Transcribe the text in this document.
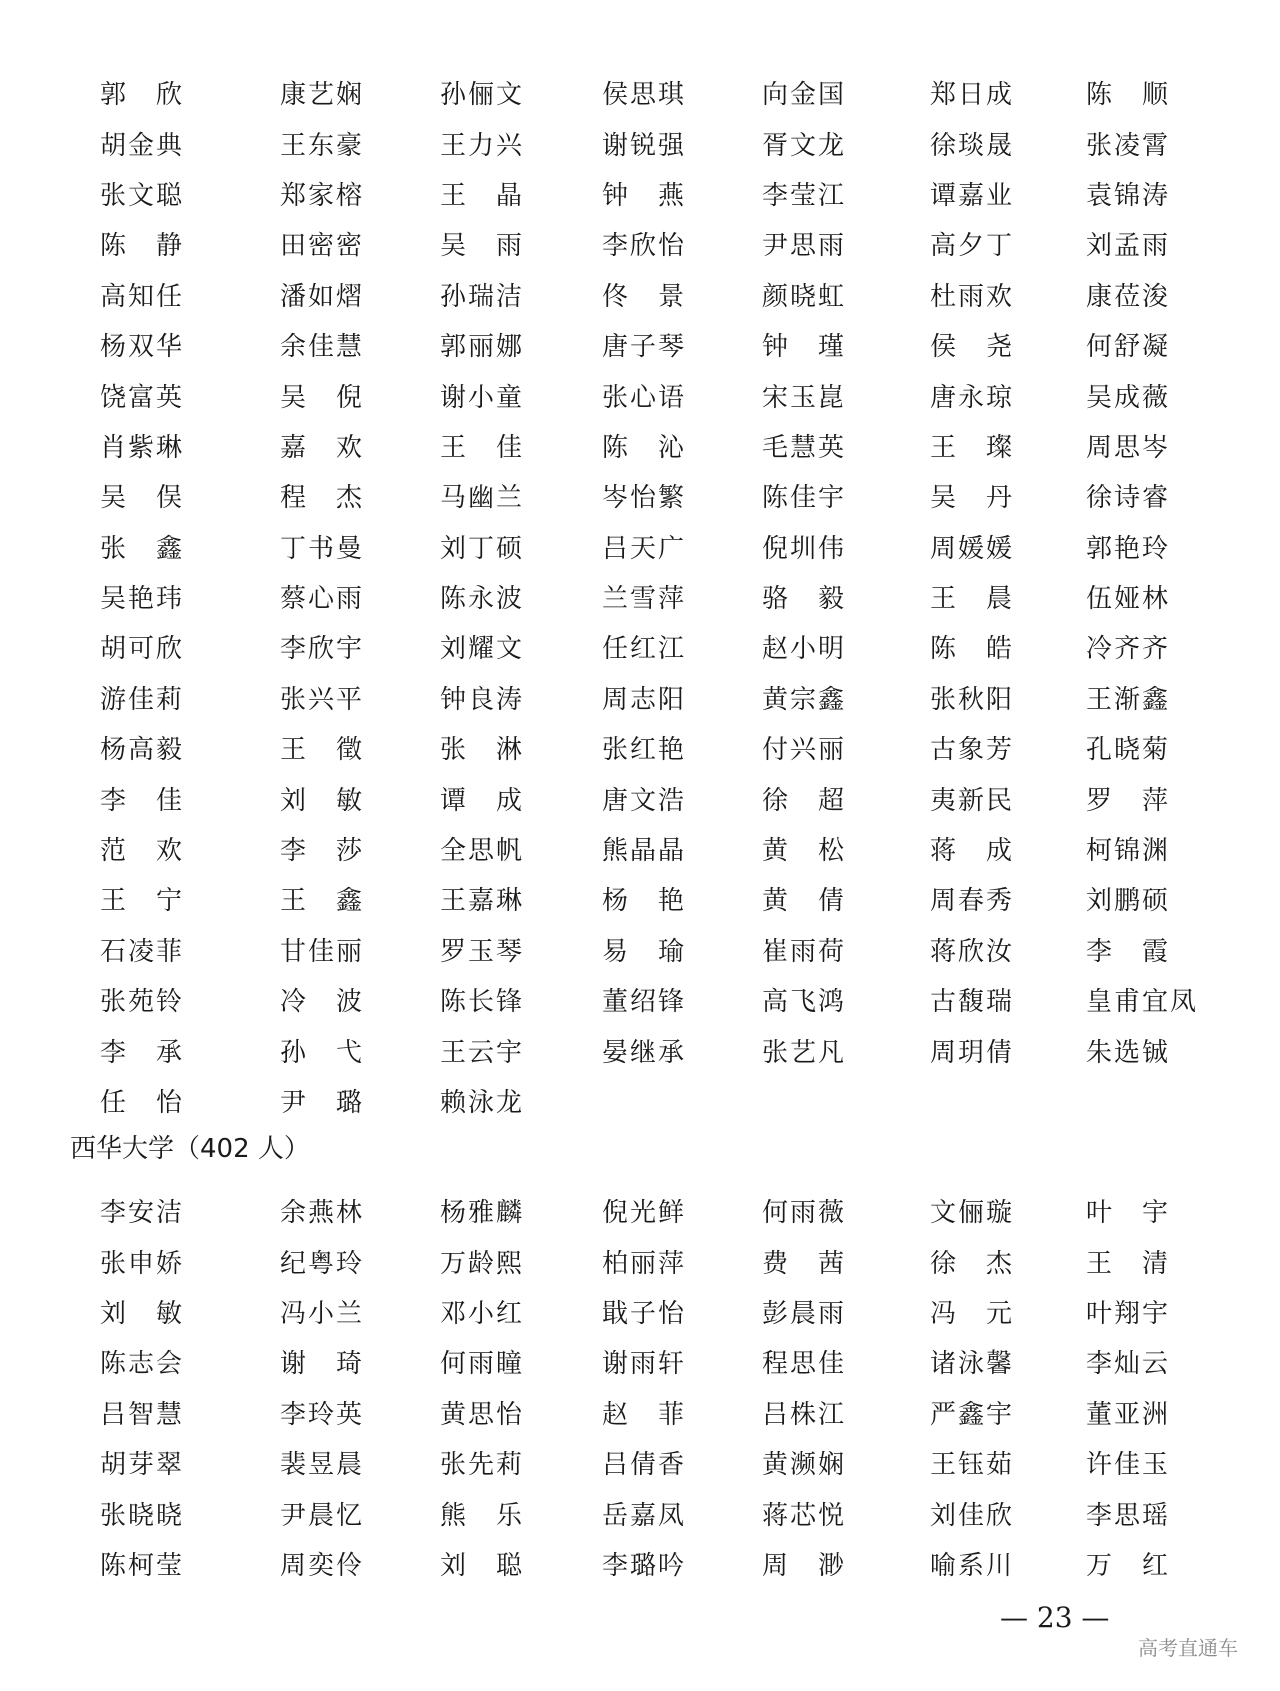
郭　欣	康艺娴	孙俪文	侯思琪	向金国	郑日成	陈　顺
胡金典	王东豪	王力兴	谢锐强	胥文龙	徐琰晟	张凌霄
张文聪	郑家榕	王　晶	钟　燕	李莹江	谭嘉业	袁锦涛
陈　静	田密密	吴　雨	李欣怡	尹思雨	高夕丁	刘孟雨
高知任	潘如熠	孙瑞洁	佟　景	颜晓虹	杜雨欢	康莅浚
杨双华	余佳慧	郭丽娜	唐子琴	钟　瑾	侯　尧	何舒凝
饶富英	吴　倪	谢小童	张心语	宋玉崑	唐永琼	吴成薇
肖紫琳	嘉　欢	王　佳	陈　沁	毛慧英	王　璨	周思岑
吴　俣	程　杰	马幽兰	岑怡繁	陈佳宇	吴　丹	徐诗睿
张　鑫	丁书曼	刘丁硕	吕天广	倪圳伟	周媛媛	郭艳玲
吴艳玮	蔡心雨	陈永波	兰雪萍	骆　毅	王　晨	伍娅林
胡可欣	李欣宇	刘耀文	任红江	赵小明	陈　皓	冷齐齐
游佳莉	张兴平	钟良涛	周志阳	黄宗鑫	张秋阳	王渐鑫
杨高毅	王　徵	张　淋	张红艳	付兴丽	古象芳	孔晓菊
李　佳	刘　敏	谭　成	唐文浩	徐　超	夷新民	罗　萍
范　欢	李　莎	全思帆	熊晶晶	黄　松	蒋　成	柯锦渊
王　宁	王　鑫	王嘉琳	杨　艳	黄　倩	周春秀	刘鹏硕
石凌菲	甘佳丽	罗玉琴	易　瑜	崔雨荷	蒋欣汝	李　霞
张苑铃	冷　波	陈长锋	董绍锋	高飞鸿	古馥瑞	皇甫宜凤
李　承	孙　弋	王云宇	晏继承	张艺凡	周玥倩	朱选铖
任　怡	尹　璐	赖泳龙
西华大学（402 人）
李安洁	余燕林	杨雅麟	倪光鲜	何雨薇	文俪璇	叶　宇
张申娇	纪粤玲	万龄熙	柏丽萍	费　茜	徐　杰	王　清
刘　敏	冯小兰	邓小红	戢子怡	彭晨雨	冯　元	叶翔宇
陈志会	谢　琦	何雨瞳	谢雨轩	程思佳	诸泳馨	李灿云
吕智慧	李玲英	黄思怡	赵　菲	吕株江	严鑫宇	董亚洲
胡芽翠	裴昱晨	张先莉	吕倩香	黄濒娴	王钰茹	许佳玉
张晓晓	尹晨忆	熊　乐	岳嘉凤	蒋芯悦	刘佳欣	李思瑶
陈柯莹	周奕伶	刘　聪	李璐吟	周　渺	喻系川	万　红
— 23 —
高考直通车
